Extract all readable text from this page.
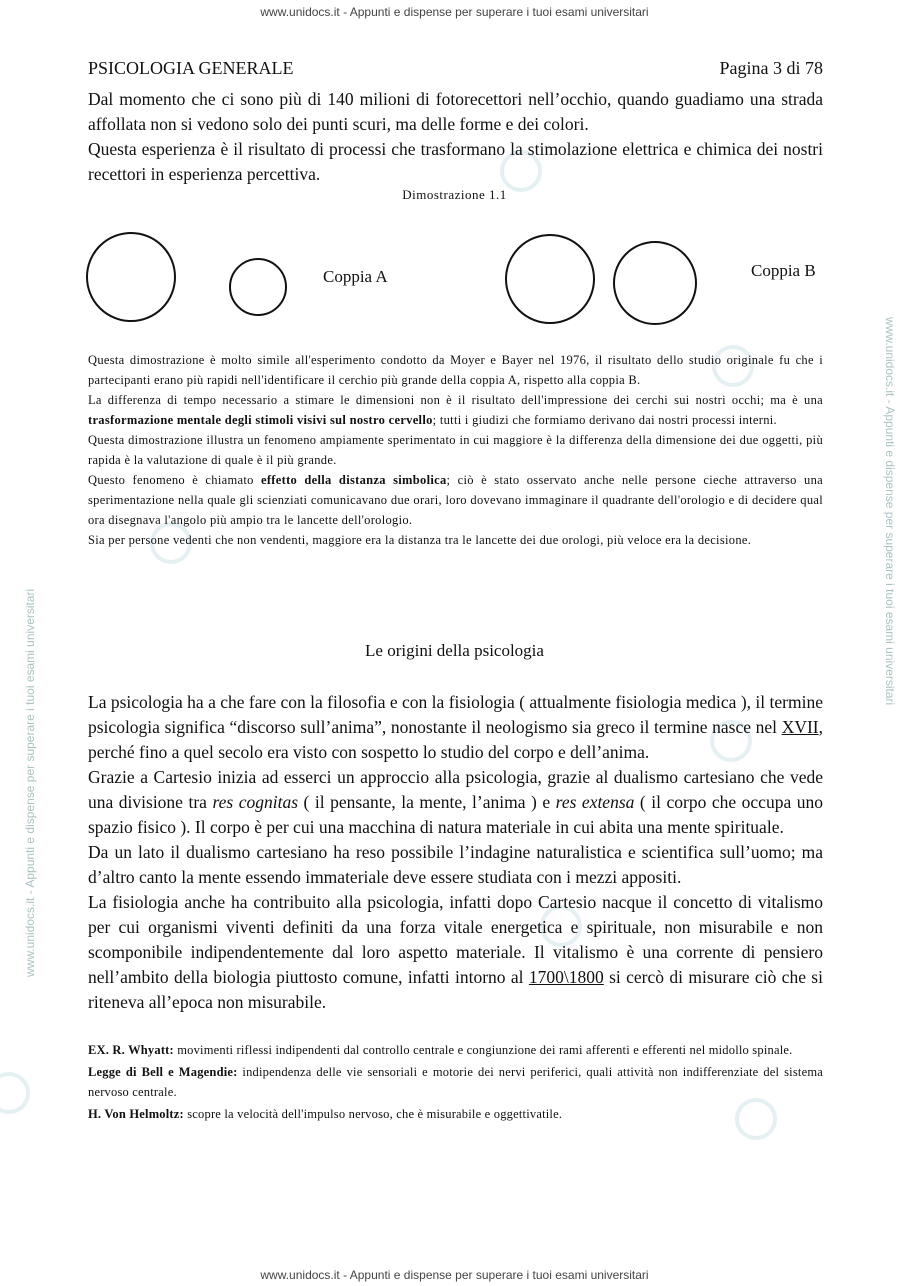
www.unidocs.it - Appunti e dispense per superare i tuoi esami universitari
www.unidocs.it - Appunti e dispense per superare i tuoi esami universitari
www.unidocs.it - Appunti e dispense per superare i tuoi esami universitari
www.unidocs.it - Appunti e dispense per superare i tuoi esami universitari
PSICOLOGIA GENERALE	Pagina 3 di 78

Dal momento che ci sono più di 140 milioni di fotorecettori nell’occhio, quando guadiamo una strada affollata non si vedono solo dei punti scuri, ma delle forme e dei colori.

Questa esperienza è il risultato di processi che trasformano la stimolazione elettrica e chimica dei nostri recettori in esperienza percettiva.

Dimostrazione 1.1
Coppia A	Coppia B

Questa dimostrazione è molto simile all'esperimento condotto da Moyer e Bayer nel 1976, il risultato dello studio originale fu che i partecipanti erano più rapidi nell'identificare il cerchio più grande della coppia A, rispetto alla coppia B.

La differenza di tempo necessario a stimare le dimensioni non è il risultato dell'impressione dei cerchi sui nostri occhi; ma è una trasformazione mentale degli stimoli visivi sul nostro cervello; tutti i giudizi che formiamo derivano dai nostri processi interni.

Questa dimostrazione illustra un fenomeno ampiamente sperimentato in cui maggiore è la differenza della dimensione dei due oggetti, più rapida è la valutazione di quale è il più grande.

Questo fenomeno è chiamato effetto della distanza simbolica; ciò è stato osservato anche nelle persone cieche attraverso una sperimentazione nella quale gli scienziati comunicavano due orari, loro dovevano immaginare il quadrante dell'orologio e di decidere qual ora disegnava l'angolo più ampio tra le lancette dell'orologio.

Sia per persone vedenti che non vendenti, maggiore era la distanza tra le lancette dei due orologi, più veloce era la decisione.

Le origini della psicologia

La psicologia ha a che fare con la filosofia e con la fisiologia ( attualmente fisiologia medica ), il termine psicologia significa “discorso sull’anima”, nonostante il neologismo sia greco il termine nasce nel XVII, perché fino a quel secolo era visto con sospetto lo studio del corpo e dell’anima.

Grazie a Cartesio inizia ad esserci un approccio alla psicologia, grazie al dualismo cartesiano che vede una divisione tra res cognitas ( il pensante, la mente, l’anima ) e res extensa ( il corpo che occupa uno spazio fisico ). Il corpo è per cui una macchina di natura materiale in cui abita una mente spirituale.

Da un lato il dualismo cartesiano ha reso possibile l’indagine naturalistica e scientifica sull’uomo; ma d’altro canto la mente essendo immateriale deve essere studiata con i mezzi appositi.

La fisiologia anche ha contribuito alla psicologia, infatti dopo Cartesio nacque il concetto di vitalismo per cui organismi viventi definiti da una forza vitale energetica e spirituale, non misurabile e non scomponibile indipendentemente dal loro aspetto materiale. Il vitalismo è una corrente di pensiero nell’ambito della biologia piuttosto comune, infatti intorno al 1700\1800 si cercò di misurare ciò che si riteneva all’epoca non misurabile.

EX. R. Whyatt: movimenti riflessi indipendenti dal controllo centrale e congiunzione dei rami afferenti e efferenti nel midollo spinale.

Legge di Bell e Magendie: indipendenza delle vie sensoriali e motorie dei nervi periferici, quali attività non indifferenziate del sistema nervoso centrale.

H. Von Helmoltz: scopre la velocità dell'impulso nervoso, che è misurabile e oggettivatile.
